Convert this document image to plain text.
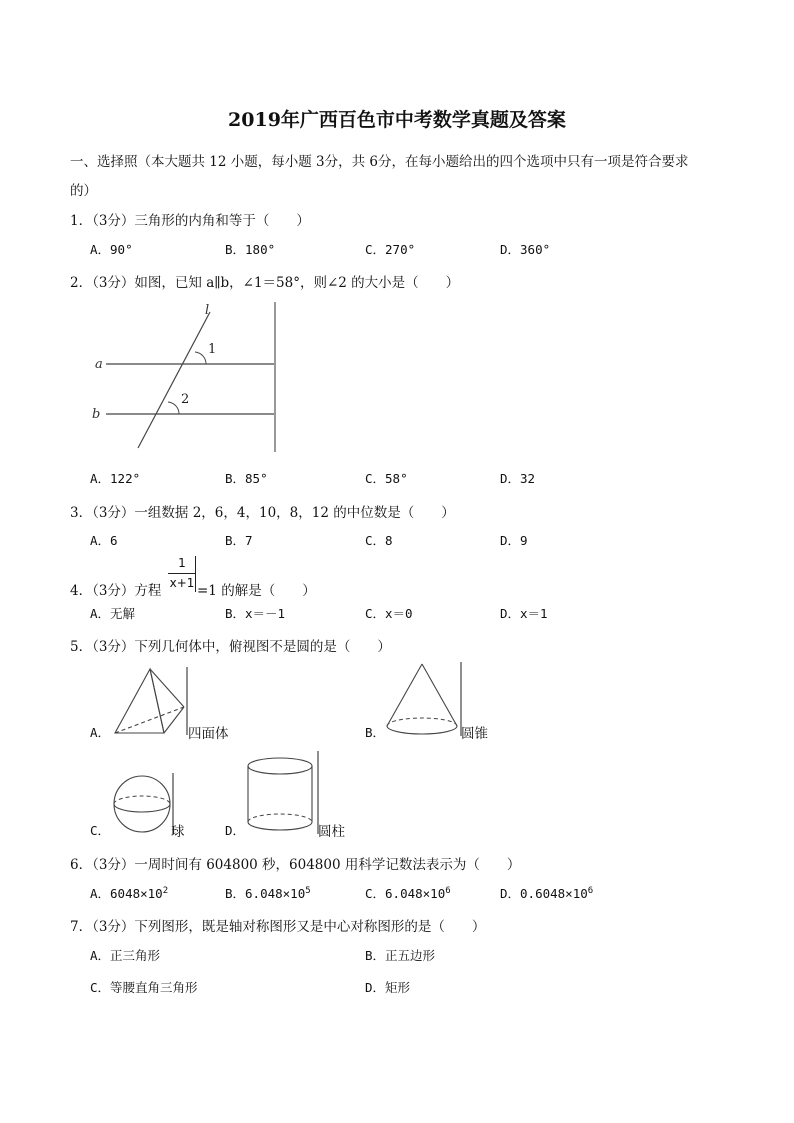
2019年广西百色市中考数学真题及答案
一、选择照（本大题共 12 小题，每小题 3分，共 6分，在每小题给出的四个选项中只有一项是符合要求
的）
1．（3分）三角形的内角和等于（　　）
A．90°	B．180°	C．270°	D．360°
2．（3分）如图，已知 a∥b，∠1＝58°，则∠2 的大小是（　　）
l
a
b
1
2
A．122°	B．85°	C．58°	D．32
3．（3分）一组数据 2，6，4，10，8，12 的中位数是（　　）
A．6	B．7	C．8	D．9
4．（3分）方程
1
x+1 =1 的解是（　　）
A．无解	B．x＝－1	C．x＝0	D．x＝1
5．（3分）下列几何体中，俯视图不是圆的是（　　）
A．	四面体	B．	圆锥
C．	球	D．	圆柱
6．（3分）一周时间有 604800 秒，604800 用科学记数法表示为（　　）
A．$6048\times 10^2$	B．$6.048\times 10^5$	C．$6.048\times 10^6$	D．$0.6048\times 10^6$
7．（3分）下列图形，既是轴对称图形又是中心对称图形的是（　　）
A．正三角形	B．正五边形
C．等腰直角三角形	D．矩形
